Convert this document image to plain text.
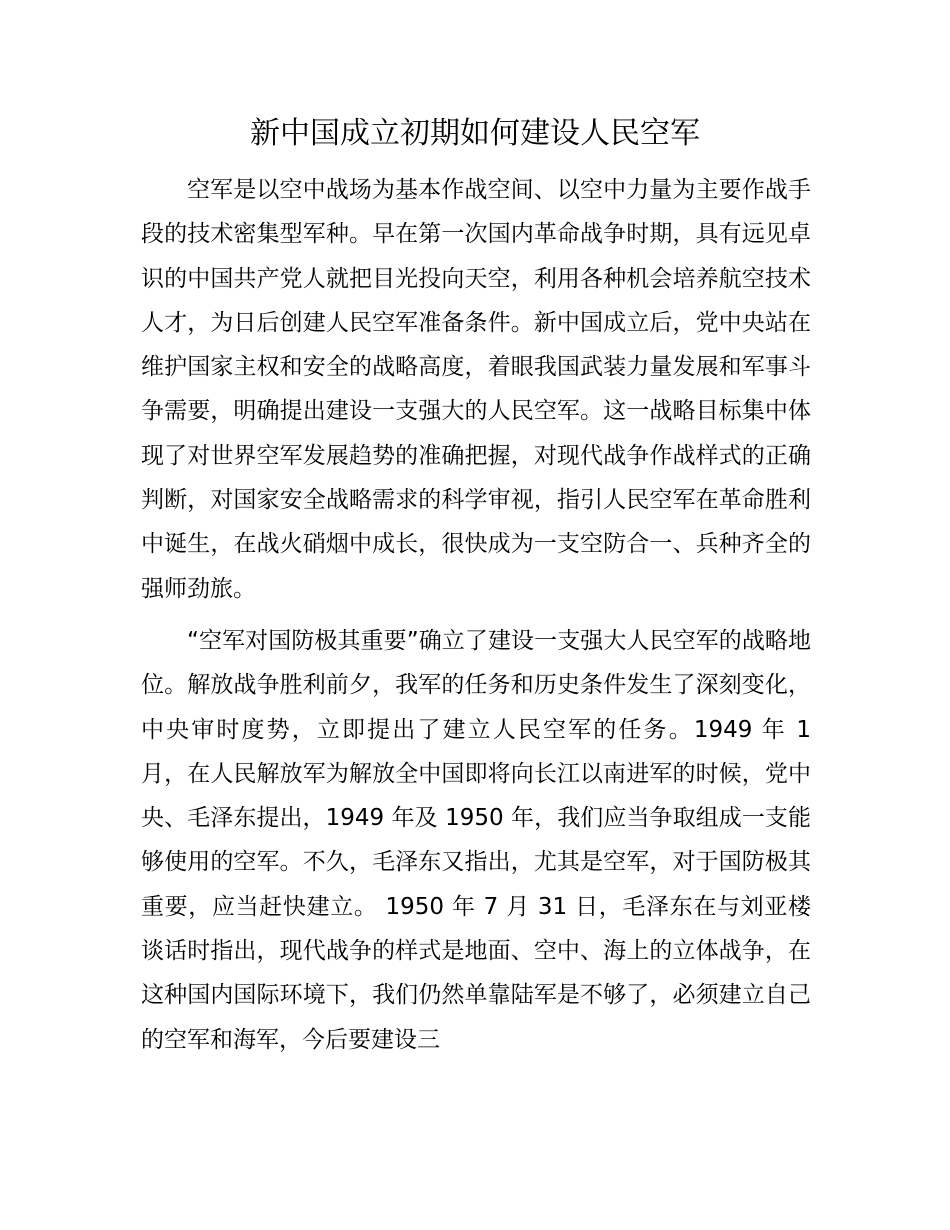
新中国成立初期如何建设人民空军

空军是以空中战场为基本作战空间、以空中力量为主要作战手段的技术密集型军种。早在第一次国内革命战争时期，具有远见卓识的中国共产党人就把目光投向天空，利用各种机会培养航空技术人才，为日后创建人民空军准备条件。新中国成立后，党中央站在维护国家主权和安全的战略高度，着眼我国武装力量发展和军事斗争需要，明确提出建设一支强大的人民空军。这一战略目标集中体现了对世界空军发展趋势的准确把握，对现代战争作战样式的正确判断，对国家安全战略需求的科学审视，指引人民空军在革命胜利中诞生，在战火硝烟中成长，很快成为一支空防合一、兵种齐全的强师劲旅。

“空军对国防极其重要”确立了建设一支强大人民空军的战略地位。解放战争胜利前夕，我军的任务和历史条件发生了深刻变化，中央审时度势，立即提出了建立人民空军的任务。1949 年 1 月，在人民解放军为解放全中国即将向长江以南进军的时候，党中央、毛泽东提出，1949 年及 1950 年，我们应当争取组成一支能够使用的空军。不久，毛泽东又指出，尤其是空军，对于国防极其重要，应当赶快建立。 1950 年 7 月 31 日，毛泽东在与刘亚楼谈话时指出，现代战争的样式是地面、空中、海上的立体战争，在这种国内国际环境下，我们仍然单靠陆军是不够了，必须建立自己的空军和海军，今后要建设三
